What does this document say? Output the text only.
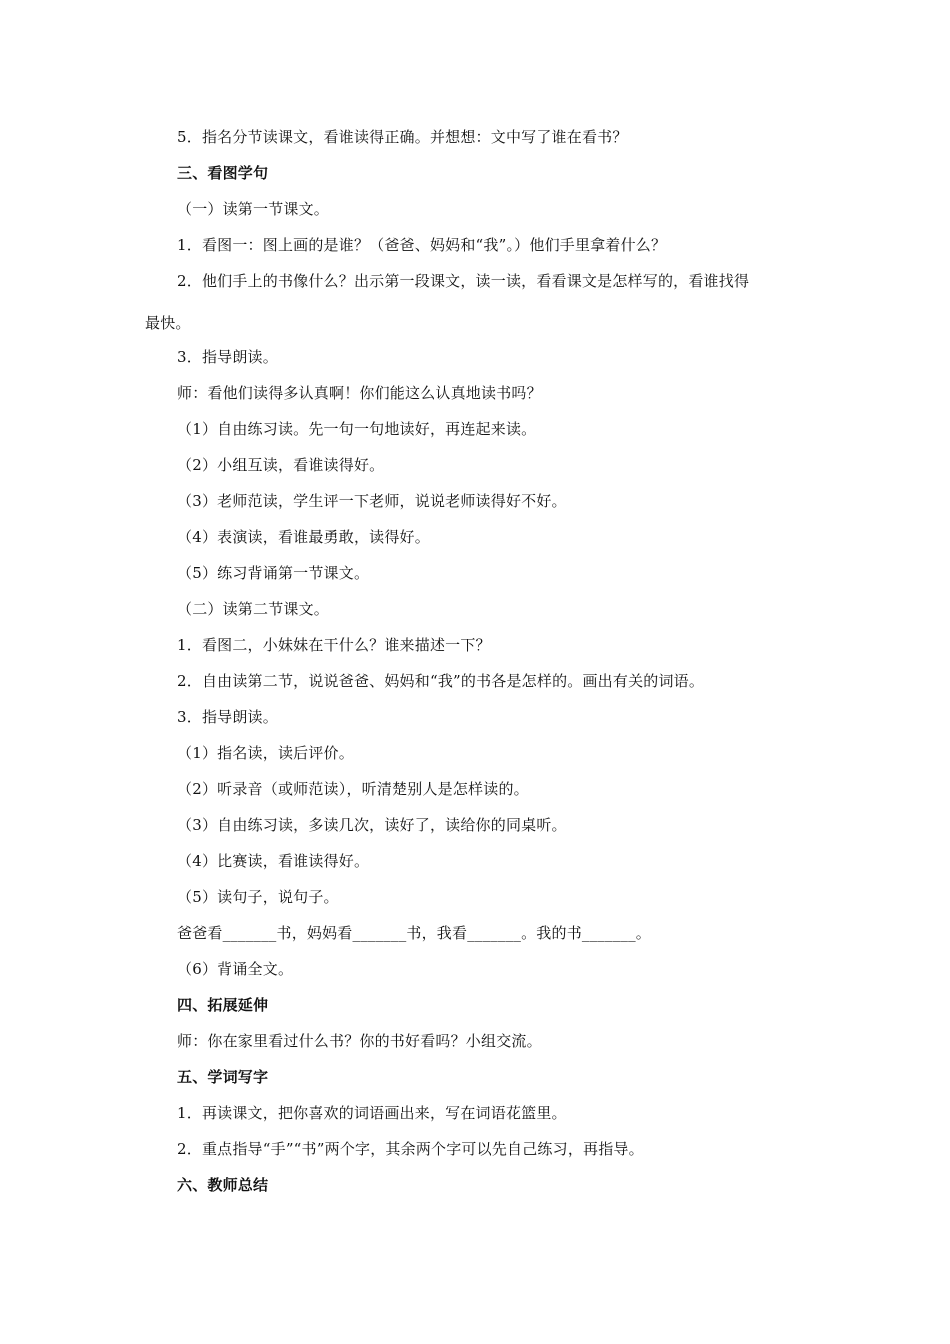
5．指名分节读课文，看谁读得正确。并想想：文中写了谁在看书？
三、看图学句
（一）读第一节课文。
1．看图一：图上画的是谁？（爸爸、妈妈和“我”。）他们手里拿着什么？
2．他们手上的书像什么？出示第一段课文，读一读，看看课文是怎样写的，看谁找得
最快。
3．指导朗读。
师：看他们读得多认真啊！你们能这么认真地读书吗？
（1）自由练习读。先一句一句地读好，再连起来读。
（2）小组互读，看谁读得好。
（3）老师范读，学生评一下老师，说说老师读得好不好。
（4）表演读，看谁最勇敢，读得好。
（5）练习背诵第一节课文。
（二）读第二节课文。
1．看图二，小妹妹在干什么？谁来描述一下？
2．自由读第二节，说说爸爸、妈妈和“我”的书各是怎样的。画出有关的词语。
3．指导朗读。
（1）指名读，读后评价。
（2）听录音（或师范读），听清楚别人是怎样读的。
（3）自由练习读，多读几次，读好了，读给你的同桌听。
（4）比赛读，看谁读得好。
（5）读句子，说句子。
爸爸看_______书，妈妈看_______书，我看_______。我的书_______。
（6）背诵全文。
四、拓展延伸
师：你在家里看过什么书？你的书好看吗？小组交流。
五、学词写字
1．再读课文，把你喜欢的词语画出来，写在词语花篮里。
2．重点指导“手”“书”两个字，其余两个字可以先自己练习，再指导。
六、教师总结
